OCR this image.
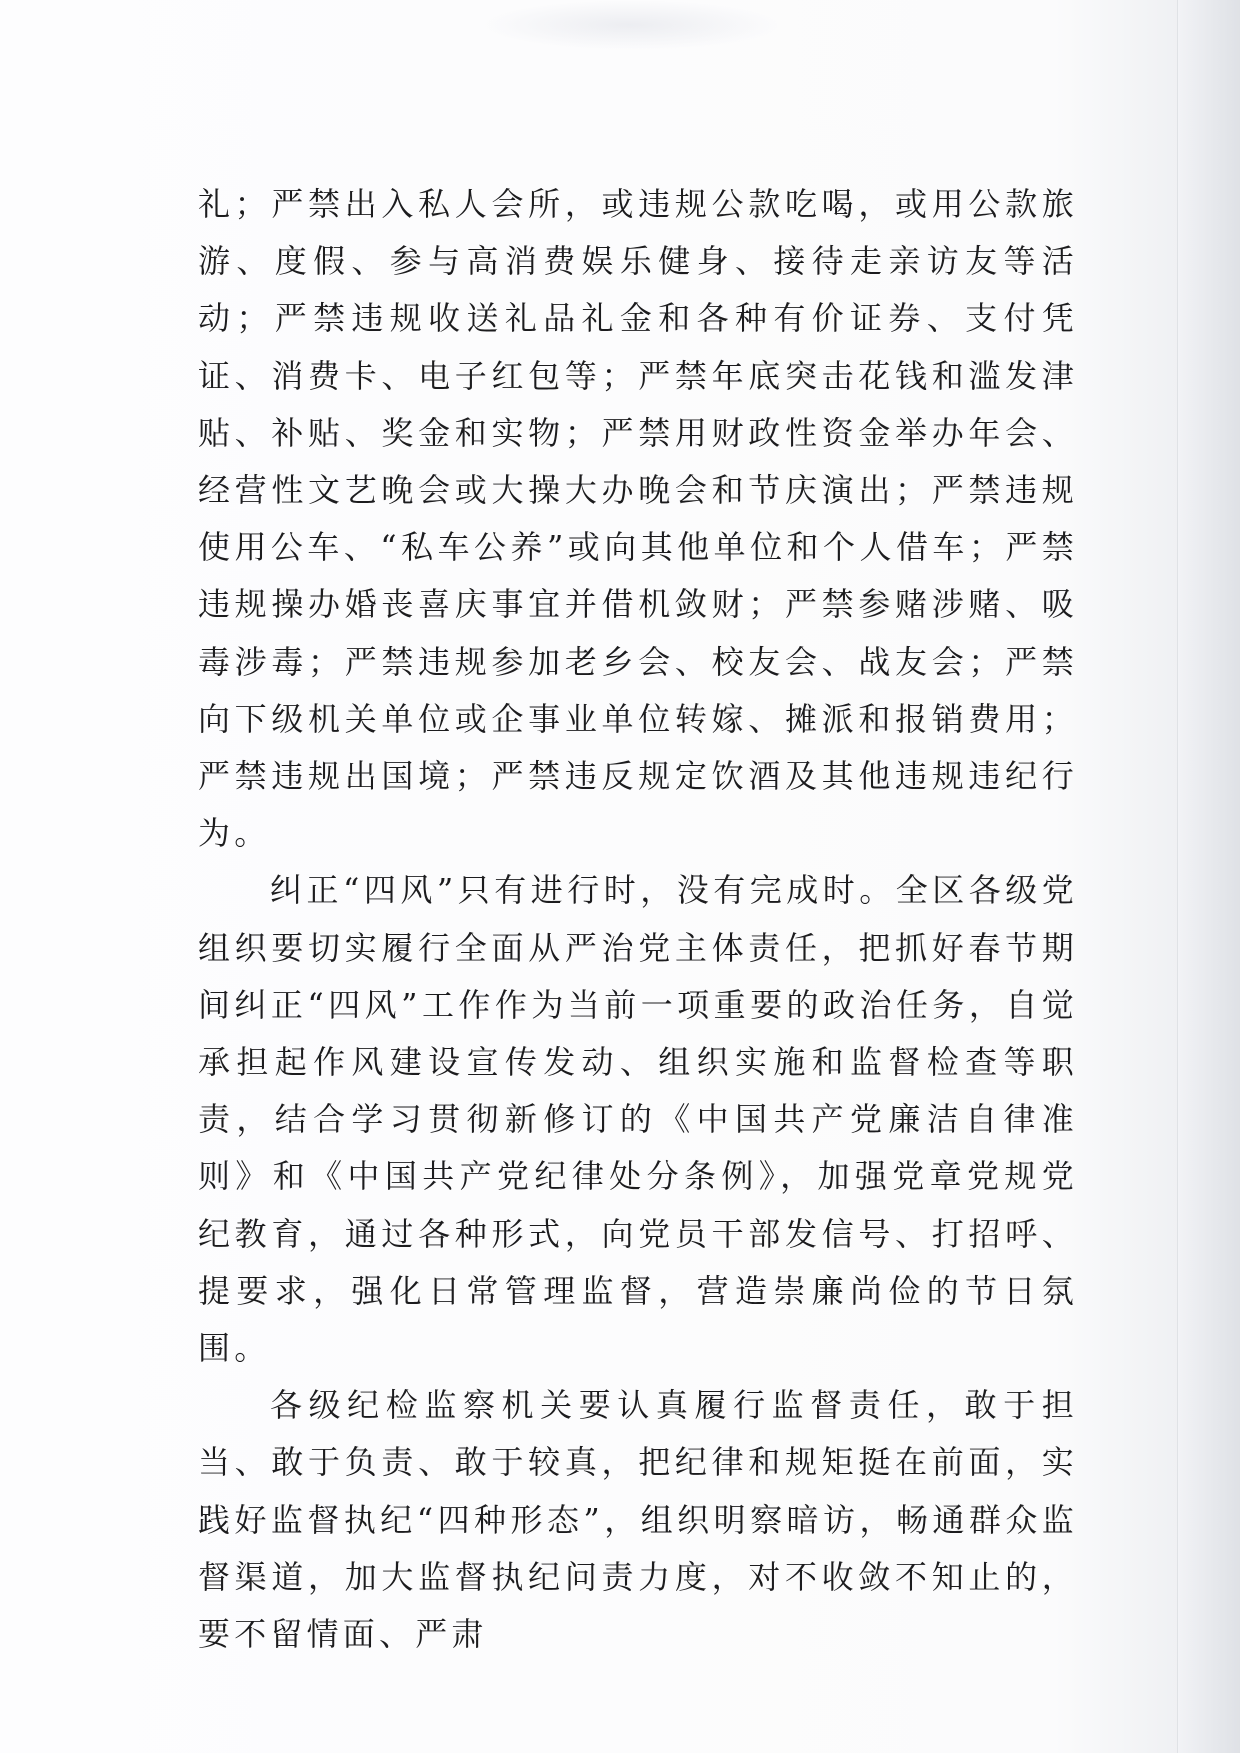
礼；严禁出入私人会所，或违规公款吃喝，或用公款旅游、度假、参与高消费娱乐健身、接待走亲访友等活动；严禁违规收送礼品礼金和各种有价证券、支付凭证、消费卡、电子红包等；严禁年底突击花钱和滥发津贴、补贴、奖金和实物；严禁用财政性资金举办年会、经营性文艺晚会或大操大办晚会和节庆演出；严禁违规使用公车、“私车公养”或向其他单位和个人借车；严禁违规操办婚丧喜庆事宜并借机敛财；严禁参赌涉赌、吸毒涉毒；严禁违规参加老乡会、校友会、战友会；严禁向下级机关单位或企事业单位转嫁、摊派和报销费用；严禁违规出国境；严禁违反规定饮酒及其他违规违纪行为。

纠正“四风”只有进行时，没有完成时。全区各级党组织要切实履行全面从严治党主体责任，把抓好春节期间纠正“四风”工作作为当前一项重要的政治任务，自觉承担起作风建设宣传发动、组织实施和监督检查等职责，结合学习贯彻新修订的《中国共产党廉洁自律准则》和《中国共产党纪律处分条例》，加强党章党规党纪教育，通过各种形式，向党员干部发信号、打招呼、提要求，强化日常管理监督，营造崇廉尚俭的节日氛围。

各级纪检监察机关要认真履行监督责任，敢于担当、敢于负责、敢于较真，把纪律和规矩挺在前面，实践好监督执纪“四种形态”，组织明察暗访，畅通群众监督渠道，加大监督执纪问责力度，对不收敛不知止的，要不留情面、严肃
